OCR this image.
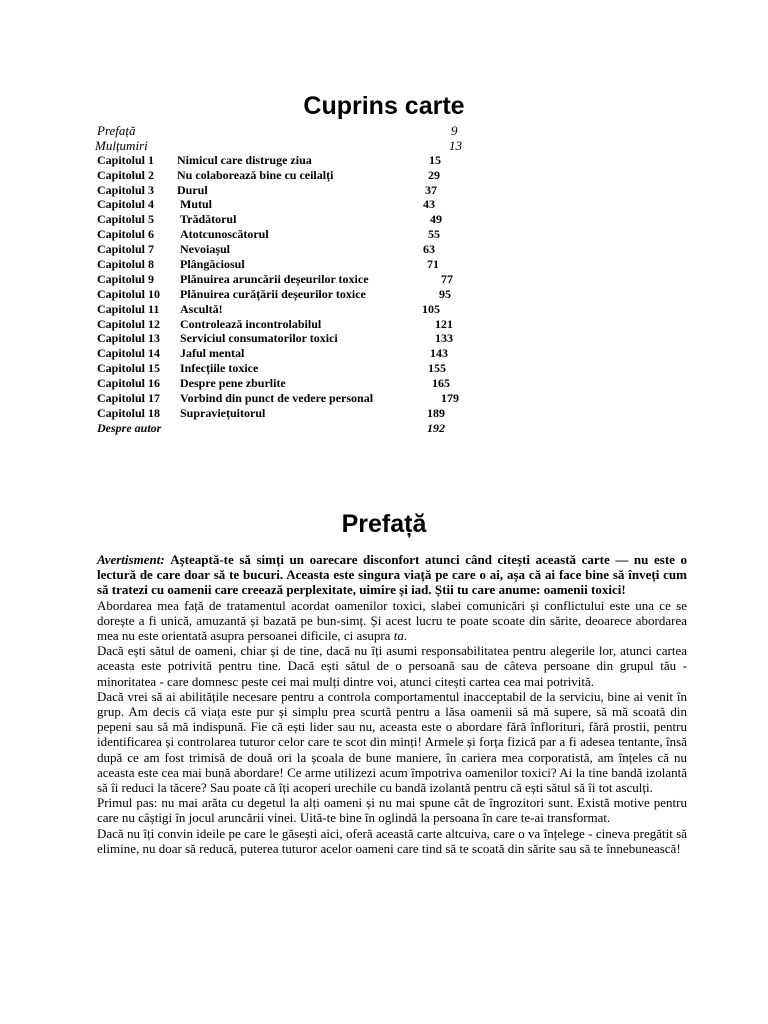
Cuprins carte
Prefață	9
Mulțumiri	13
Capitolul 1 Nimicul care distruge ziua	15
Capitolul 2 Nu colaborează bine cu ceilalți	29
Capitolul 3 Durul	37
Capitolul 4 Mutul	43
Capitolul 5 Trădătorul	49
Capitolul 6 Atotcunoscătorul	55
Capitolul 7 Nevoiașul	63
Capitolul 8 Plângăciosul	71
Capitolul 9 Plănuirea aruncării deșeurilor toxice	77
Capitolul 10 Plănuirea curățării deșeurilor toxice	95
Capitolul 11 Ascultă!	105
Capitolul 12 Controlează incontrolabilul	121
Capitolul 13 Serviciul consumatorilor toxici	133
Capitolul 14 Jaful mental	143
Capitolul 15 Infecțiile toxice	155
Capitolul 16 Despre pene zburlite	165
Capitolul 17 Vorbind din punct de vedere personal	179
Capitolul 18 Supraviețuitorul	189
Despre autor	192
Prefață

Avertisment: Așteaptă-te să simți un oarecare disconfort atunci când citești această carte — nu este o lectură de care doar să te bucuri. Aceasta este singura viață pe care o ai, așa că ai face bine să înveți cum să tratezi cu oamenii care creează perplexitate, uimire și iad. Știi tu care anume: oamenii toxici!

Abordarea mea față de tratamentul acordat oamenilor toxici, slabei comunicări și conflictului este una ce se dorește a fi unică, amuzantă și bazată pe bun-simț. Și acest lucru te poate scoate din sărite, deoarece abordarea mea nu este orientată asupra persoanei dificile, ci asupra ta.

Dacă ești sătul de oameni, chiar și de tine, dacă nu îți asumi responsabilitatea pentru alegerile lor, atunci cartea aceasta este potrivită pentru tine. Dacă ești sătul de o persoană sau de câteva persoane din grupul tău - minoritatea - care domnesc peste cei mai mulți dintre voi, atunci citești cartea cea mai potrivită.

Dacă vrei să ai abilitățile necesare pentru a controla comportamentul inacceptabil de la serviciu, bine ai venit în grup. Am decis că viața este pur și simplu prea scurtă pentru a lăsa oamenii să mă supere, să mă scoată din pepeni sau să mă indispună. Fie că ești lider sau nu, aceasta este o abordare fără înflorituri, fără prostii, pentru identificarea și controlarea tuturor celor care te scot din minți! Armele și forța fizică par a fi adesea tentante, însă după ce am fost trimisă de două ori la școala de bune maniere, în cariera mea corporatistă, am înțeles că nu aceasta este cea mai bună abordare! Ce arme utilizezi acum împotriva oamenilor toxici? Ai la tine bandă izolantă să îi reduci la tăcere? Sau poate că îți acoperi urechile cu bandă izolantă pentru că ești sătul să îi tot asculți.

Primul pas: nu mai arăta cu degetul la alți oameni și nu mai spune cât de îngrozitori sunt. Există motive pentru care nu câștigi în jocul aruncării vinei. Uită-te bine în oglindă la persoana în care te-ai transformat.

Dacă nu îți convin ideile pe care le găsești aici, oferă această carte altcuiva, care o va înțelege - cineva pregătit să elimine, nu doar să reducă, puterea tuturor acelor oameni care tind să te scoată din sărite sau să te înnebunească!
